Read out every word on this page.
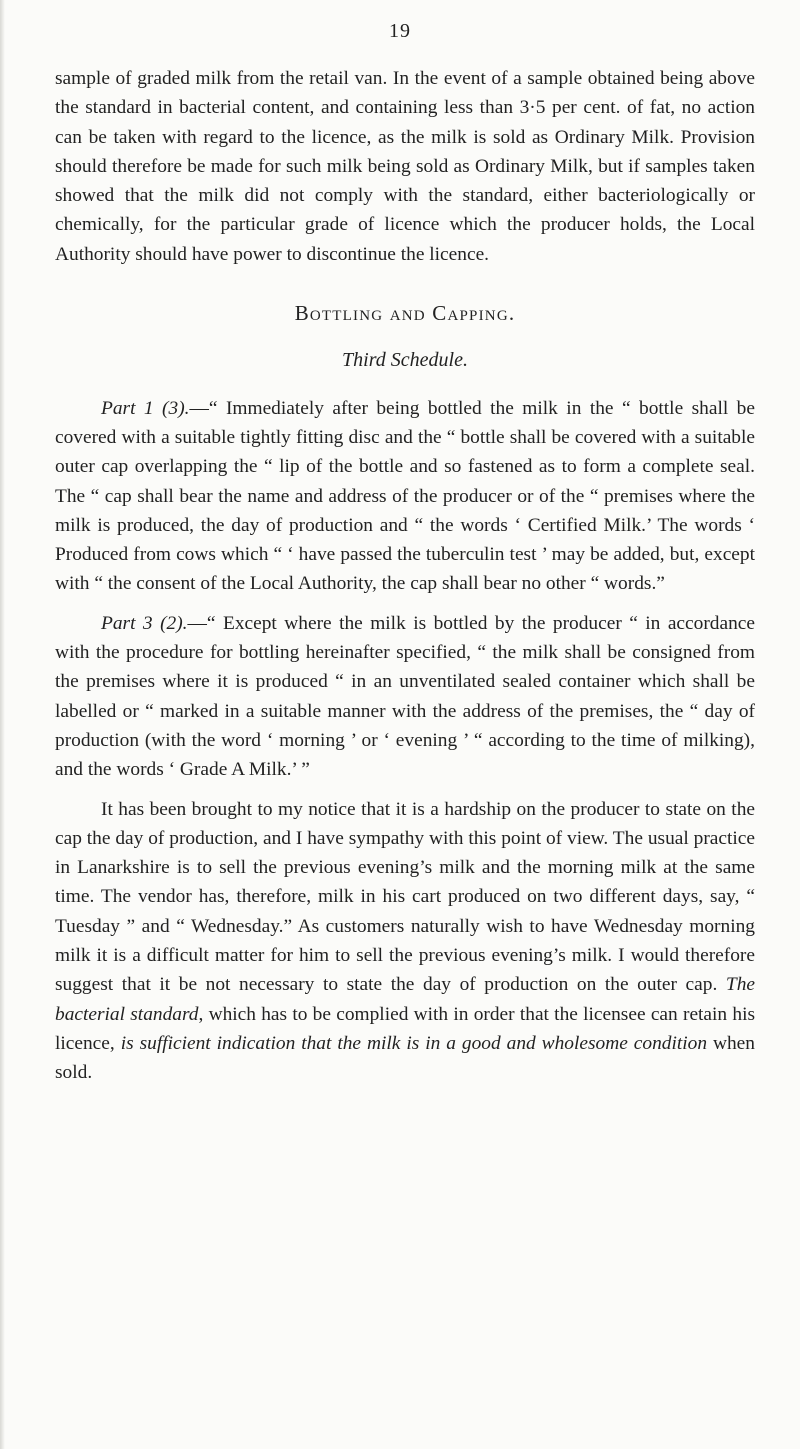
19

sample of graded milk from the retail van. In the event of a sample obtained being above the standard in bacterial content, and containing less than 3·5 per cent. of fat, no action can be taken with regard to the licence, as the milk is sold as Ordinary Milk. Provision should therefore be made for such milk being sold as Ordinary Milk, but if samples taken showed that the milk did not comply with the standard, either bacteriologically or chemically, for the particular grade of licence which the producer holds, the Local Authority should have power to discontinue the licence.

Bottling and Capping.
Third Schedule.

Part 1 (3).—“ Immediately after being bottled the milk in the “ bottle shall be covered with a suitable tightly fitting disc and the “ bottle shall be covered with a suitable outer cap overlapping the “ lip of the bottle and so fastened as to form a complete seal. The “ cap shall bear the name and address of the producer or of the “ premises where the milk is produced, the day of production and “ the words ‘ Certified Milk.’ The words ‘ Produced from cows which “ ‘ have passed the tuberculin test ’ may be added, but, except with “ the consent of the Local Authority, the cap shall bear no other “ words.”

Part 3 (2).—“ Except where the milk is bottled by the producer “ in accordance with the procedure for bottling hereinafter specified, “ the milk shall be consigned from the premises where it is produced “ in an unventilated sealed container which shall be labelled or “ marked in a suitable manner with the address of the premises, the “ day of production (with the word ‘ morning ’ or ‘ evening ’ “ according to the time of milking), and the words ‘ Grade A Milk.’ ”

It has been brought to my notice that it is a hardship on the producer to state on the cap the day of production, and I have sympathy with this point of view. The usual practice in Lanarkshire is to sell the previous evening’s milk and the morning milk at the same time. The vendor has, therefore, milk in his cart produced on two different days, say, “ Tuesday ” and “ Wednesday.” As customers naturally wish to have Wednesday morning milk it is a difficult matter for him to sell the previous evening’s milk. I would therefore suggest that it be not necessary to state the day of production on the outer cap. The bacterial standard, which has to be complied with in order that the licensee can retain his licence, is sufficient indication that the milk is in a good and wholesome condition when sold.
